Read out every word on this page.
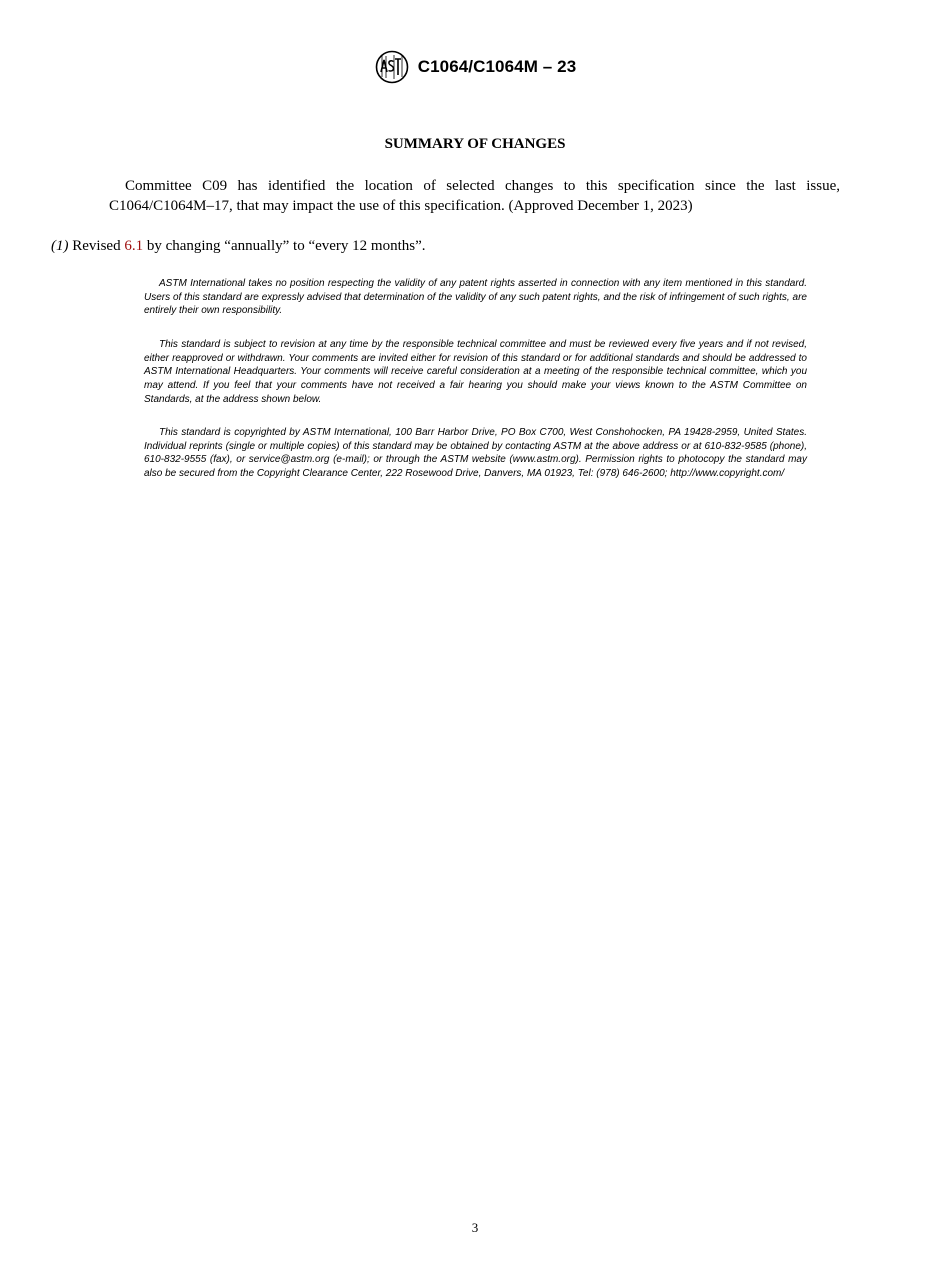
C1064/C1064M – 23
SUMMARY OF CHANGES
Committee C09 has identified the location of selected changes to this specification since the last issue, C1064/C1064M–17, that may impact the use of this specification. (Approved December 1, 2023)
(1) Revised 6.1 by changing “annually” to “every 12 months”.
ASTM International takes no position respecting the validity of any patent rights asserted in connection with any item mentioned in this standard. Users of this standard are expressly advised that determination of the validity of any such patent rights, and the risk of infringement of such rights, are entirely their own responsibility.
This standard is subject to revision at any time by the responsible technical committee and must be reviewed every five years and if not revised, either reapproved or withdrawn. Your comments are invited either for revision of this standard or for additional standards and should be addressed to ASTM International Headquarters. Your comments will receive careful consideration at a meeting of the responsible technical committee, which you may attend. If you feel that your comments have not received a fair hearing you should make your views known to the ASTM Committee on Standards, at the address shown below.
This standard is copyrighted by ASTM International, 100 Barr Harbor Drive, PO Box C700, West Conshohocken, PA 19428-2959, United States. Individual reprints (single or multiple copies) of this standard may be obtained by contacting ASTM at the above address or at 610-832-9585 (phone), 610-832-9555 (fax), or service@astm.org (e-mail); or through the ASTM website (www.astm.org). Permission rights to photocopy the standard may also be secured from the Copyright Clearance Center, 222 Rosewood Drive, Danvers, MA 01923, Tel: (978) 646-2600; http://www.copyright.com/
3
